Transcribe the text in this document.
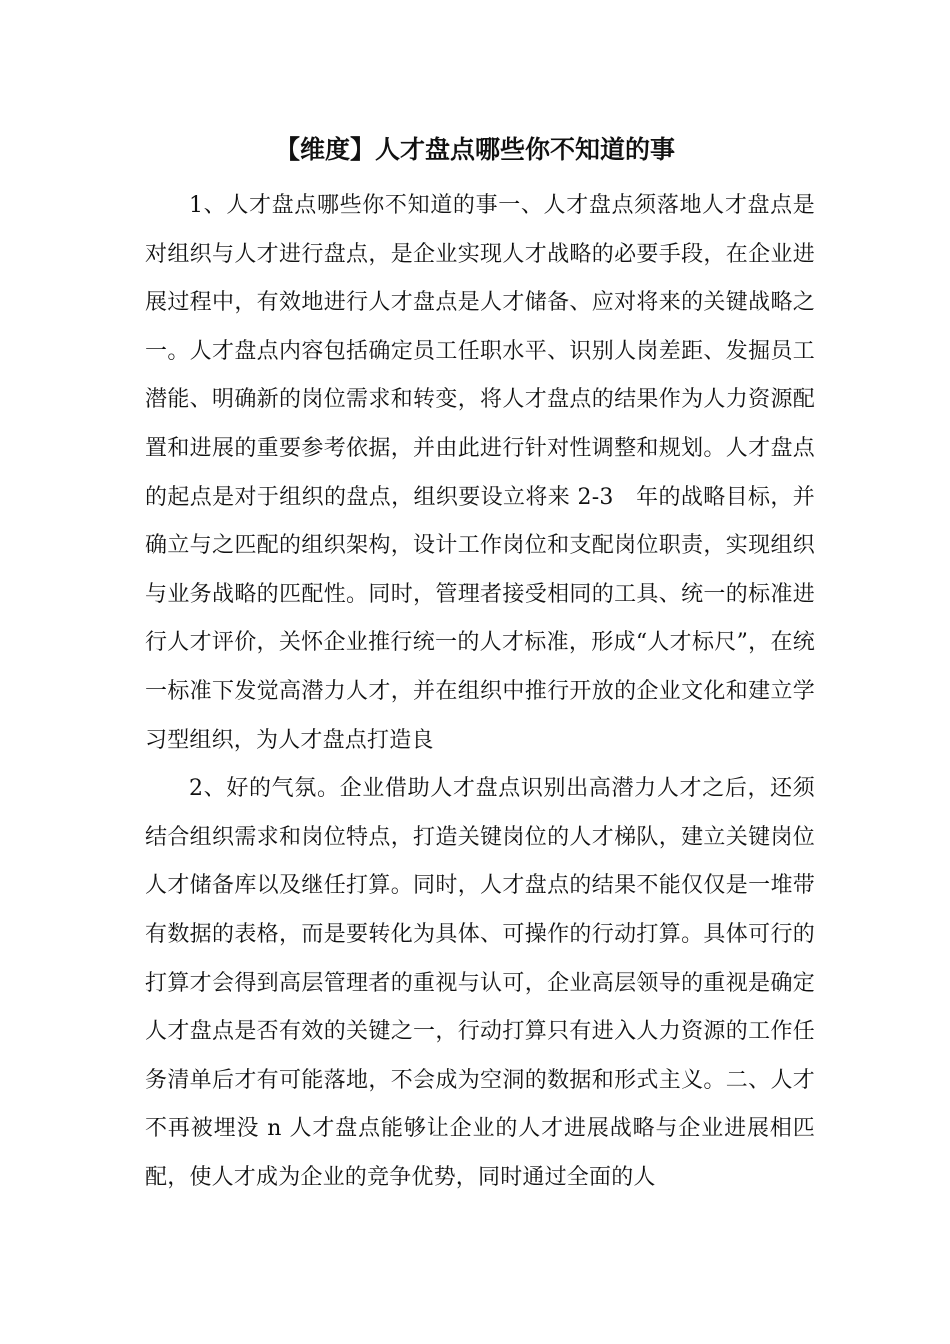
【维度】人才盘点哪些你不知道的事

1、人才盘点哪些你不知道的事一、人才盘点须落地人才盘点是对组织与人才进行盘点，是企业实现人才战略的必要手段，在企业进展过程中，有效地进行人才盘点是人才储备、应对将来的关键战略之一。人才盘点内容包括确定员工任职水平、识别人岗差距、发掘员工潜能、明确新的岗位需求和转变，将人才盘点的结果作为人力资源配置和进展的重要参考依据，并由此进行针对性调整和规划。人才盘点的起点是对于组织的盘点，组织要设立将来 2-3　年的战略目标，并确立与之匹配的组织架构，设计工作岗位和支配岗位职责，实现组织与业务战略的匹配性。同时，管理者接受相同的工具、统一的标准进行人才评价，关怀企业推行统一的人才标准，形成“人才标尺”，在统一标准下发觉高潜力人才，并在组织中推行开放的企业文化和建立学习型组织，为人才盘点打造良

2、好的气氛。企业借助人才盘点识别出高潜力人才之后，还须结合组织需求和岗位特点，打造关键岗位的人才梯队，建立关键岗位人才储备库以及继任打算。同时，人才盘点的结果不能仅仅是一堆带有数据的表格，而是要转化为具体、可操作的行动打算。具体可行的打算才会得到高层管理者的重视与认可，企业高层领导的重视是确定人才盘点是否有效的关键之一，行动打算只有进入人力资源的工作任务清单后才有可能落地，不会成为空洞的数据和形式主义。二、人才不再被埋没 n 人才盘点能够让企业的人才进展战略与企业进展相匹配，使人才成为企业的竞争优势，同时通过全面的人
